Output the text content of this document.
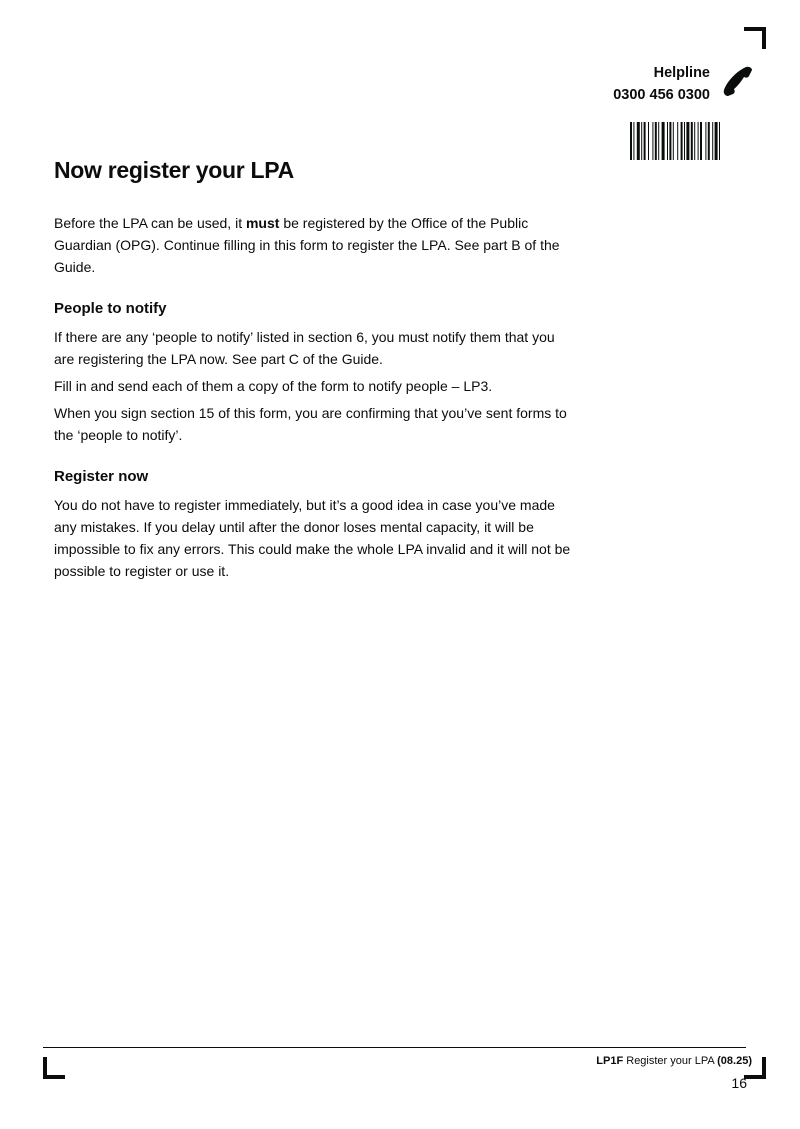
Helpline
0300 456 0300
Now register your LPA

Before the LPA can be used, it must be registered by the Office of the Public Guardian (OPG). Continue filling in this form to register the LPA. See part B of the Guide.

People to notify

If there are any ‘people to notify’ listed in section 6, you must notify them that you are registering the LPA now. See part C of the Guide.

Fill in and send each of them a copy of the form to notify people – LP3.

When you sign section 15 of this form, you are confirming that you’ve sent forms to the ‘people to notify’.

Register now

You do not have to register immediately, but it’s a good idea in case you’ve made any mistakes. If you delay until after the donor loses mental capacity, it will be impossible to fix any errors. This could make the whole LPA invalid and it will not be possible to register or use it.

LP1F Register your LPA (08.25)
16
